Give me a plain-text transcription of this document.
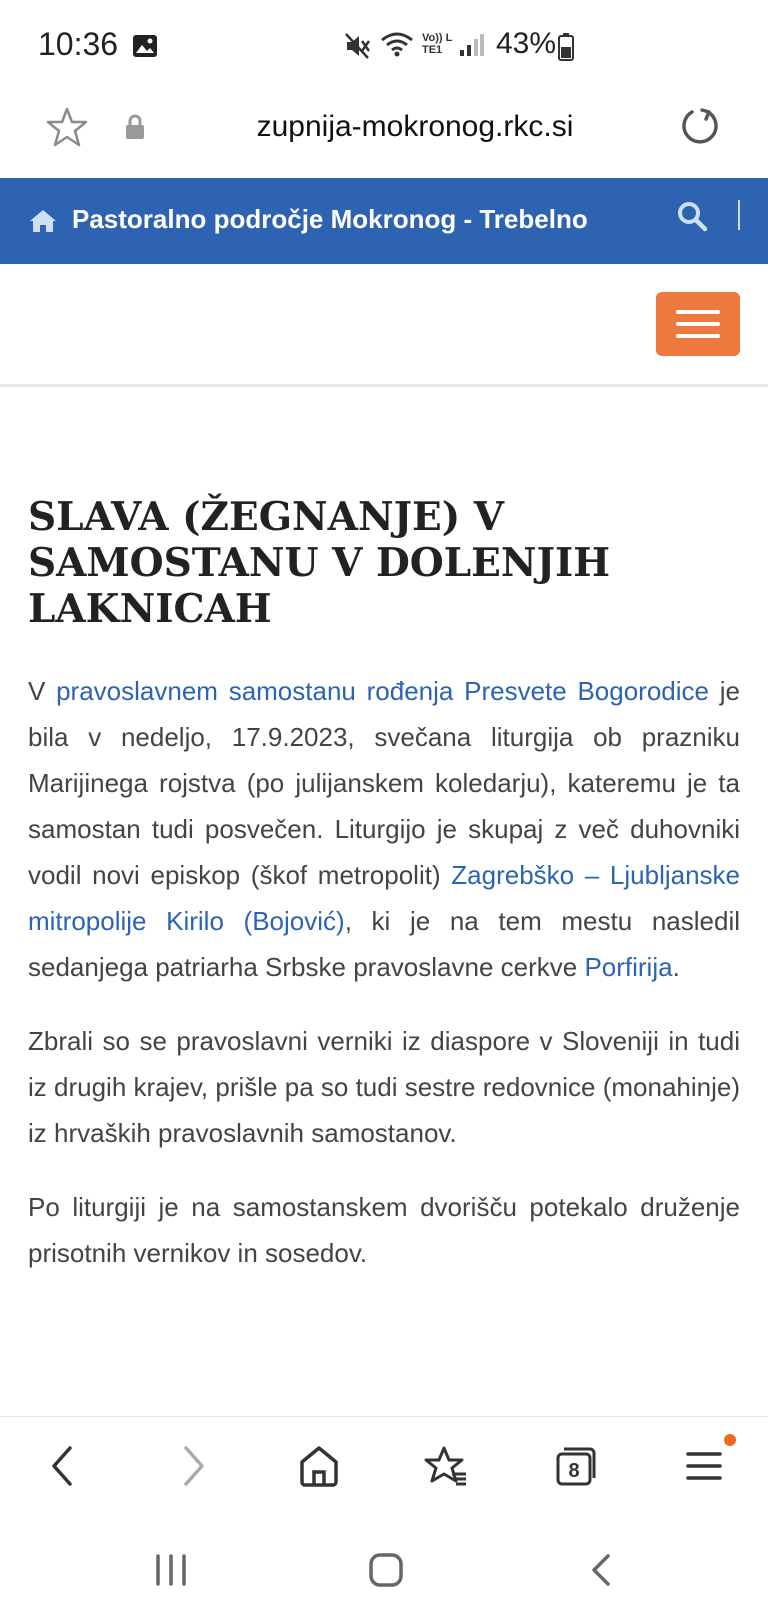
10:36	Vo)) LTE1	43%
zupnija-mokronog.rkc.si
Pastoralno področje Mokronog - Trebelno
SLAVA (ŽEGNANJE) V SAMOSTANU V DOLENJIH LAKNICAH

V pravoslavnem samostanu rođenja Presvete Bogorodice je bila v nedeljo, 17.9.2023, svečana liturgija ob prazniku Marijinega rojstva (po julijanskem koledarju), kateremu je ta samostan tudi posvečen. Liturgijo je skupaj z več duhovniki vodil novi episkop (škof metropolit) Zagrebško – Ljubljanske mitropolije Kirilo (Bojović), ki je na tem mestu nasledil sedanjega patriarha Srbske pravoslavne cerkve Porfirija.

Zbrali so se pravoslavni verniki iz diaspore v Sloveniji in tudi iz drugih krajev, prišle pa so tudi sestre redovnice (monahinje) iz hrvaških pravoslavnih samostanov.

Po liturgiji je na samostanskem dvorišču potekalo druženje prisotnih vernikov in sosedov.

8
